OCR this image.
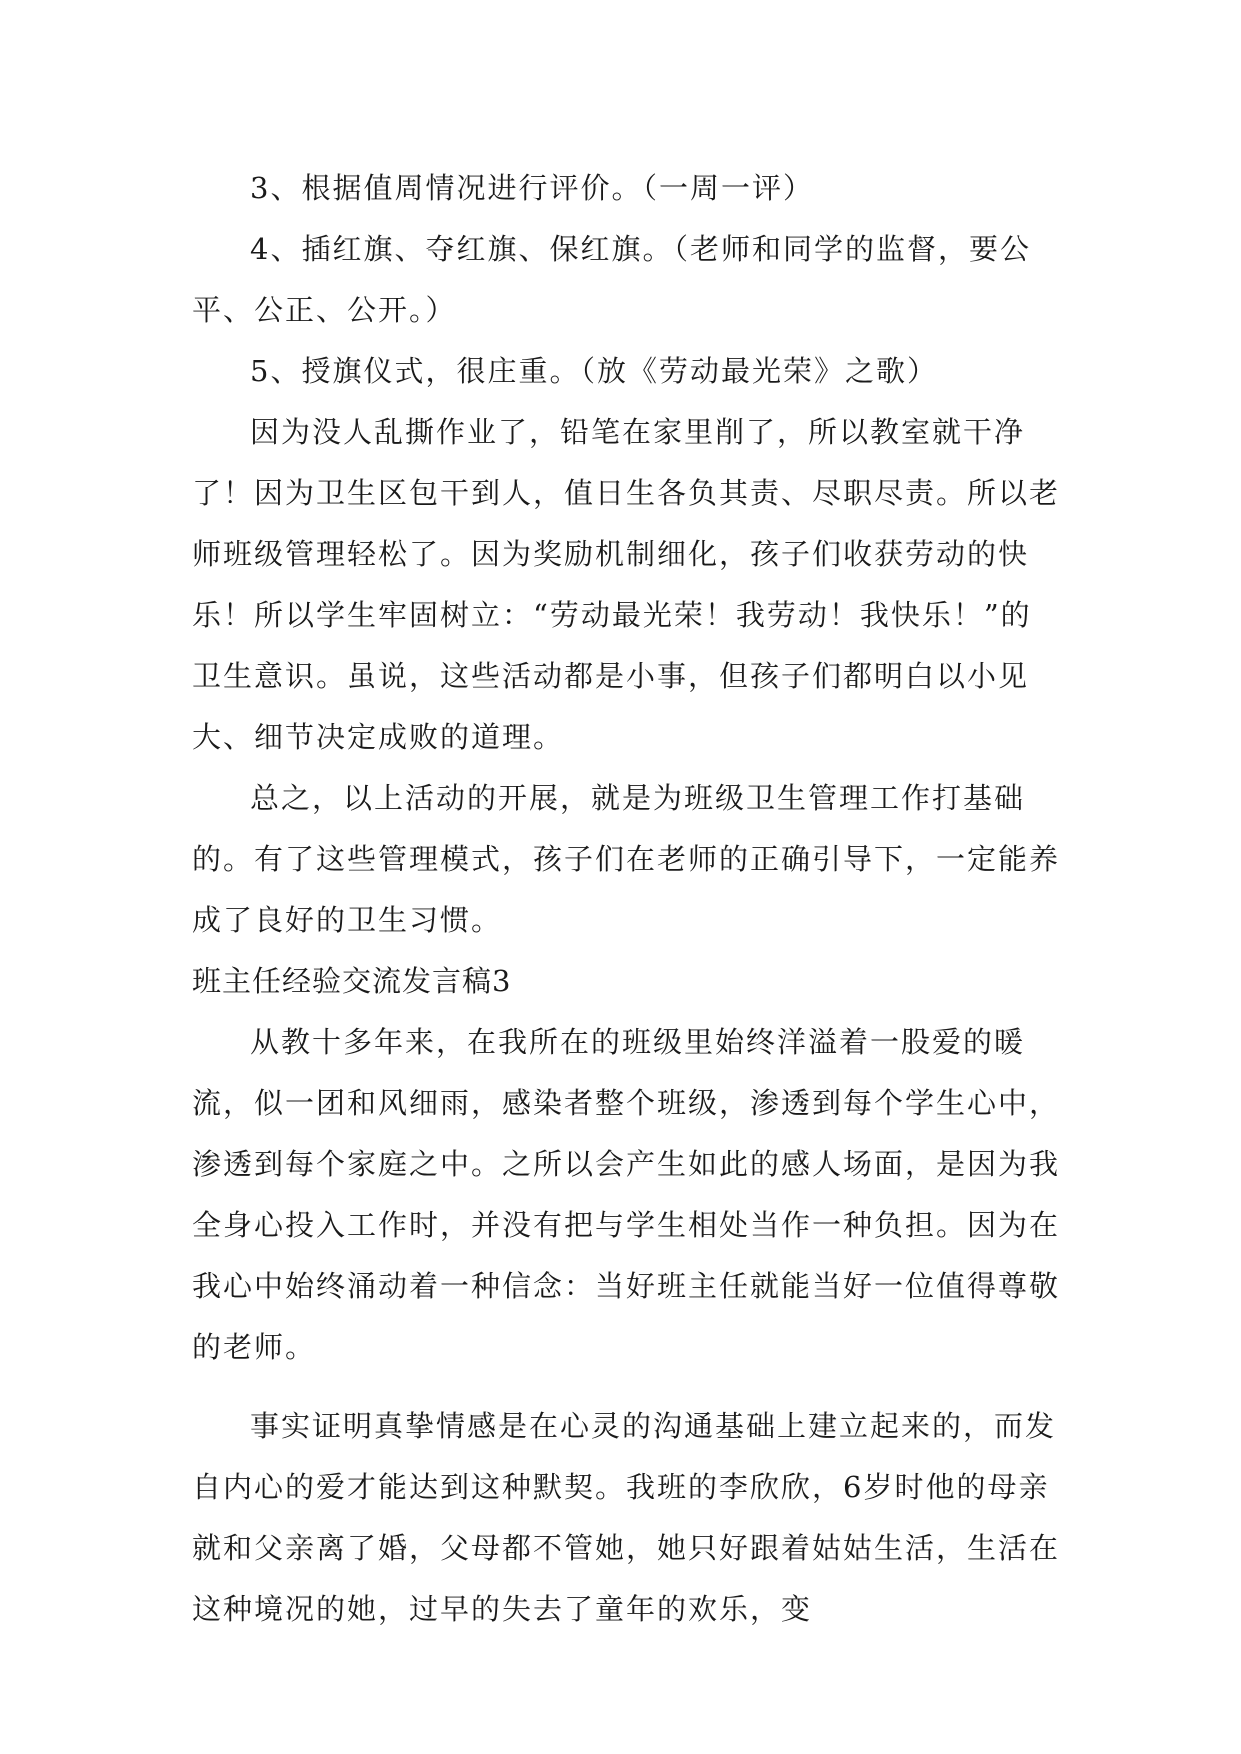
3、根据值周情况进行评价。（一周一评）

4、插红旗、夺红旗、保红旗。（老师和同学的监督，要公平、公正、公开。）

5、授旗仪式，很庄重。（放《劳动最光荣》之歌）

因为没人乱撕作业了，铅笔在家里削了，所以教室就干净了！因为卫生区包干到人，值日生各负其责、尽职尽责。所以老师班级管理轻松了。因为奖励机制细化，孩子们收获劳动的快乐！所以学生牢固树立：“劳动最光荣！我劳动！我快乐！”的卫生意识。虽说，这些活动都是小事，但孩子们都明白以小见大、细节决定成败的道理。

总之，以上活动的开展，就是为班级卫生管理工作打基础的。有了这些管理模式，孩子们在老师的正确引导下，一定能养成了良好的卫生习惯。

班主任经验交流发言稿3

从教十多年来，在我所在的班级里始终洋溢着一股爱的暖流，似一团和风细雨，感染者整个班级，渗透到每个学生心中，渗透到每个家庭之中。之所以会产生如此的感人场面，是因为我全身心投入工作时，并没有把与学生相处当作一种负担。因为在我心中始终涌动着一种信念：当好班主任就能当好一位值得尊敬的老师。

事实证明真挚情感是在心灵的沟通基础上建立起来的，而发自内心的爱才能达到这种默契。我班的李欣欣，6岁时他的母亲就和父亲离了婚，父母都不管她，她只好跟着姑姑生活，生活在这种境况的她，过早的失去了童年的欢乐，变
